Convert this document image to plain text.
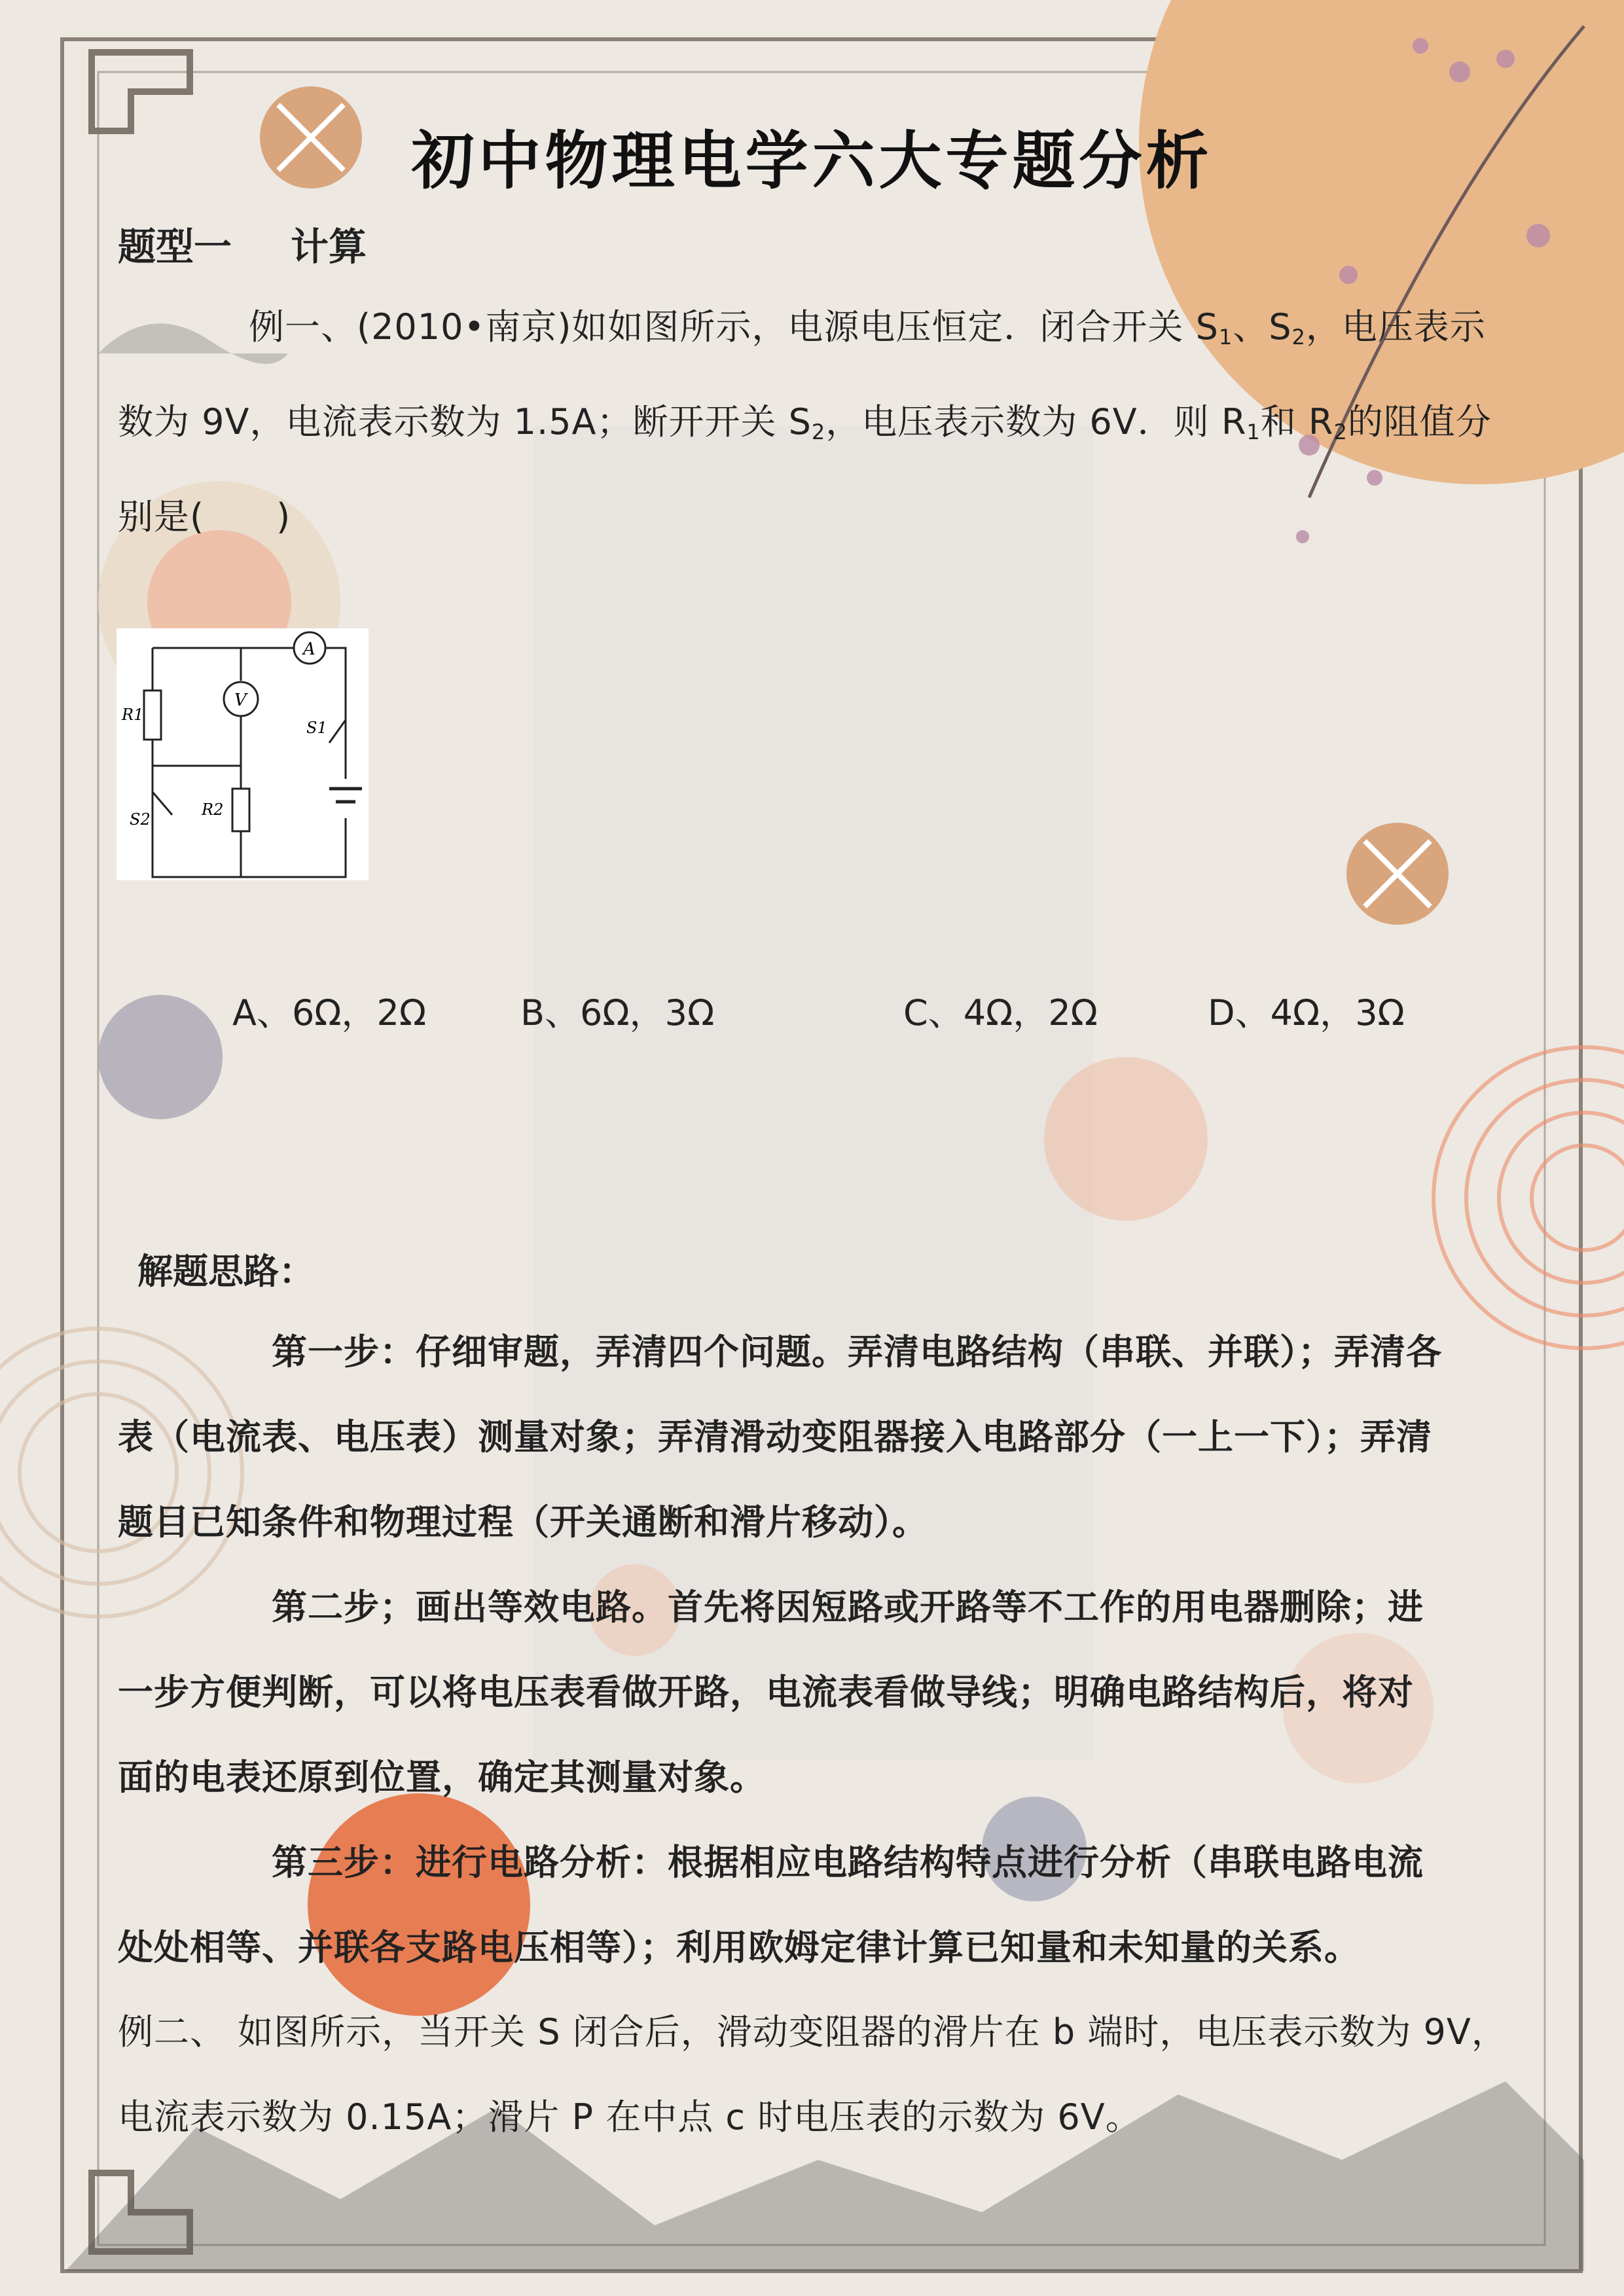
初中物理电学六大专题分析
题型一 计算
例一、(2010•南京)如如图所示，电源电压恒定．闭合开关 $S_1$、$S_2$，电压表示
数为 9V，电流表示数为 1.5A；断开开关 $S_2$，电压表示数为 6V．则 $R_1$和 $R_2$的阻值分
别是(　　)
A
V
R1
R2
S1
S2
A、6Ω，2Ω	B、6Ω，3Ω	C、4Ω，2Ω	D、4Ω，3Ω
解题思路：
第一步：仔细审题，弄清四个问题。弄清电路结构（串联、并联）；弄清各
表（电流表、电压表）测量对象；弄清滑动变阻器接入电路部分（一上一下）；弄清
题目已知条件和物理过程（开关通断和滑片移动）。
第二步；画出等效电路。首先将因短路或开路等不工作的用电器删除；进
一步方便判断，可以将电压表看做开路，电流表看做导线；明确电路结构后，将对
面的电表还原到位置，确定其测量对象。
第三步：进行电路分析：根据相应电路结构特点进行分析（串联电路电流
处处相等、并联各支路电压相等）；利用欧姆定律计算已知量和未知量的关系。
例二、 如图所示，当开关 S 闭合后，滑动变阻器的滑片在 b 端时，电压表示数为 9V，
电流表示数为 0.15A；滑片 P 在中点 c 时电压表的示数为 6V。
